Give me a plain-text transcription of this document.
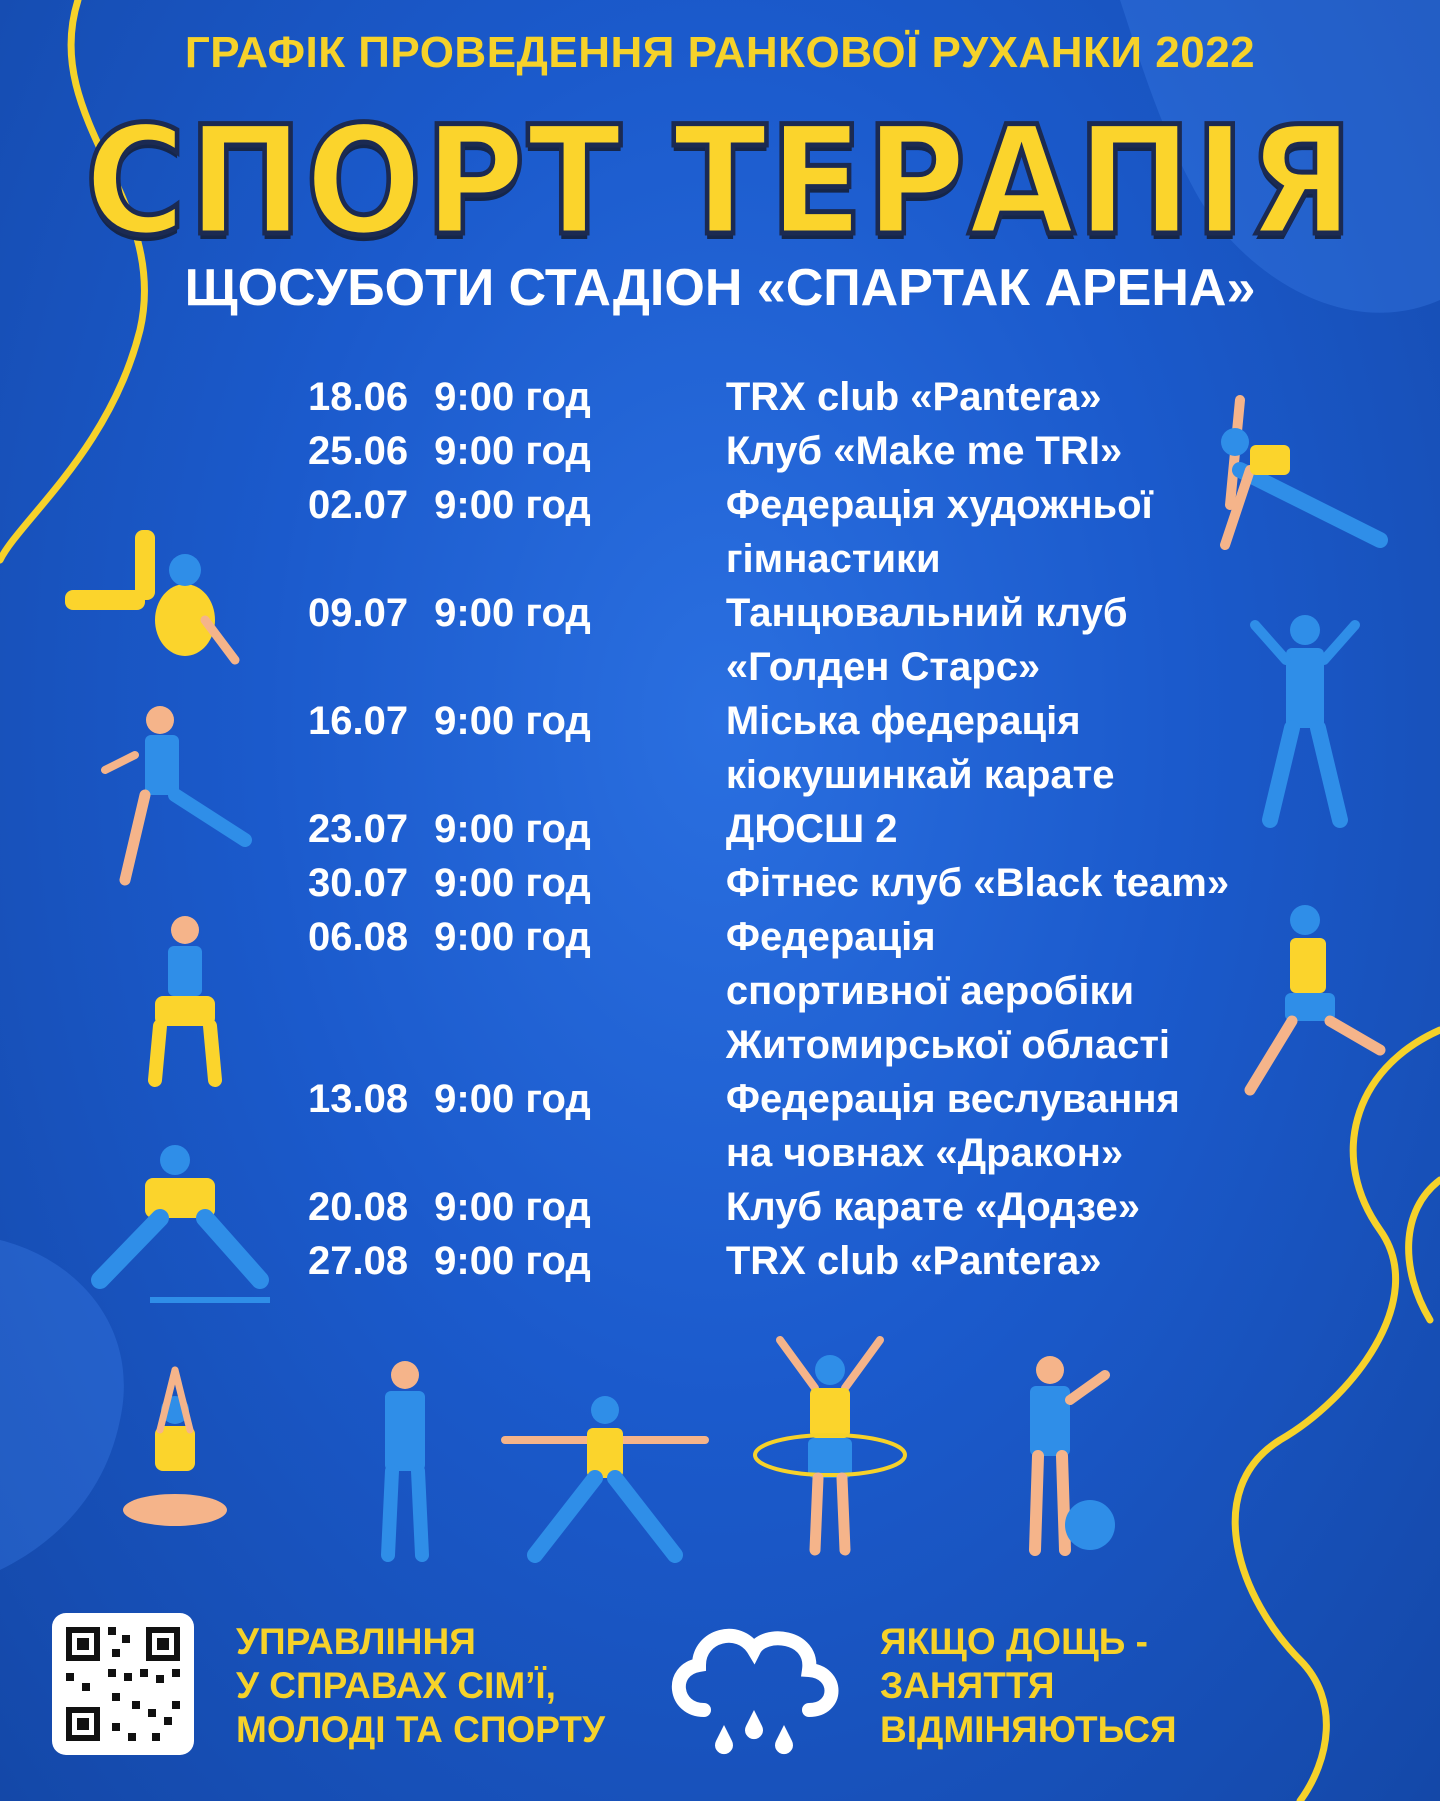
ГРАФІК ПРОВЕДЕННЯ РАНКОВОЇ РУХАНКИ 2022
СПОРТ ТЕРАПІЯ
ЩОСУБОТИ СТАДІОН «СПАРТАК АРЕНА»
18.06 9:00 год	TRX club «Pantera»
25.06 9:00 год	Клуб «Make me TRI»
02.07 9:00 год	Федерація художньої
гімнастики
09.07 9:00 год	Танцювальний клуб
«Голден Старс»
16.07 9:00 год	Міська федерація
кіокушинкай карате
23.07 9:00 год	ДЮСШ 2
30.07 9:00 год	Фітнес клуб «Black team»
06.08 9:00 год	Федерація
спортивної аеробіки
Житомирської області
13.08 9:00 год	Федерація веслування
на човнах «Дракон»
20.08 9:00 год	Клуб карате «Додзе»
27.08 9:00 год	TRX club «Pantera»
УПРАВЛІННЯ
У СПРАВАХ СІМ’Ї,
МОЛОДІ ТА СПОРТУ
ЯКЩО ДОЩЬ -
ЗАНЯТТЯ
ВІДМІНЯЮТЬСЯ
